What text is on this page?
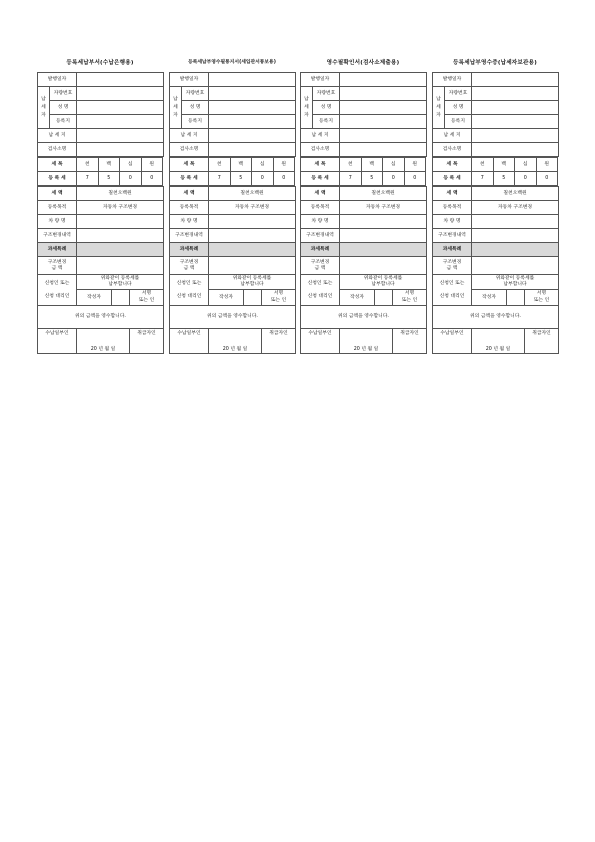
등록세납부서(수납은행용)
발행일자		

납
세
자	자량번호	
	성 명	
	등록지	
납 세 지		
검사소명		
세 목	천	백	십	원
등 록 세	7	5	0	0
세 액	칠천오백원		
등록목적	자동차 구조변경		
차 량 명			
구조변경내역			
과세특례			

구조변경
금 액			

신청인 또는
신청 대리인	위와같이 등록세를
납부합니다		

	작성자		서명
또는 인

위의 금액을 영수합니다.			
수납일부인	20 년 월 일		취급자인
등록세납부영수필통지서(세입관서통보용)
발행일자		

납
세
자	자량번호	
	성 명	
	등록지	
납 세 지		
검사소명		
세 목	천	백	십	원
등 록 세	7	5	0	0
세 액	칠천오백원		
등록목적	자동차 구조변경		
차 량 명			
구조변경내역			
과세특례			

구조변경
금 액			

신청인 또는
신청 대리인	위와같이 등록세를
납부합니다		

	작성자		서명
또는 인

위의 금액을 영수합니다.			
수납일부인	20 년 월 일		취급자인
영수필확인서(검사소제출용)
발행일자		

납
세
자	자량번호	
	성 명	
	등록지	
납 세 지		
검사소명		
세 목	천	백	십	원
등 록 세	7	5	0	0
세 액	칠천오백원		
등록목적	자동차 구조변경		
차 량 명			
구조변경내역			
과세특례			

구조변경
금 액			

신청인 또는
신청 대리인	위와같이 등록세를
납부합니다		

	작성자		서명
또는 인

위의 금액을 영수합니다.			
수납일부인	20 년 월 일		취급자인
등록세납부영수증(납세자보관용)
발행일자		

납
세
자	자량번호	
	성 명	
	등록지	
납 세 지		
검사소명		
세 목	천	백	십	원
등 록 세	7	5	0	0
세 액	칠천오백원		
등록목적	자동차 구조변경		
차 량 명			
구조변경내역			
과세특례			

구조변경
금 액			

신청인 또는
신청 대리인	위와같이 등록세를
납부합니다		

	작성자		서명
또는 인

위의 금액을 영수합니다.			
수납일부인	20 년 월 일		취급자인
